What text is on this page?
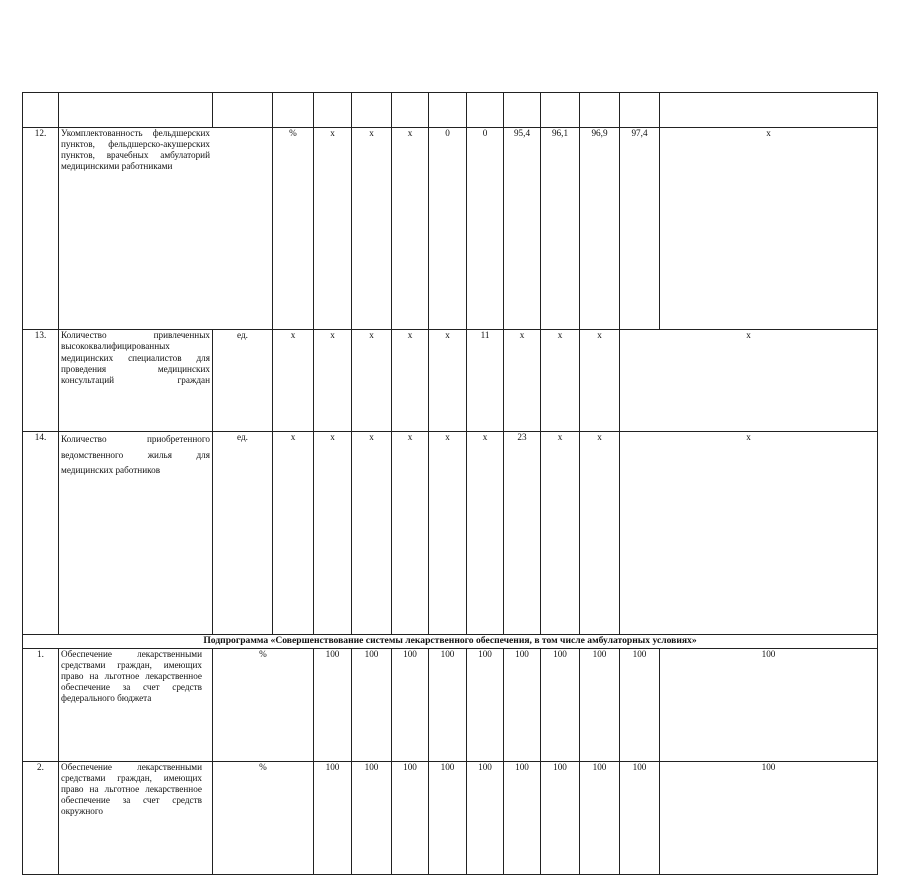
12.	Укомплектованность фельдшерских пунктов, фельдшерско-акушерских пунктов, врачебных амбулаторий медицинскими работниками		%	х	х	х	0	0	95,4	96,1	96,9	97,4	х	
13.	Количество привлеченных высококвалифицированных медицинских специалистов для проведения медицинских консультаций граждан	ед.	х	х	х	х	х	11	х	х	х	х	
14.	Количество приобретенного ведомственного жилья для медицинских работников	ед.	х	х	х	х	х	х	23	х	х	х	
Подпрограмма «Совершенствование системы лекарственного обеспечения, в том числе амбулаторных условиях»														
1.	Обеспечение лекарственными средствами граждан, имеющих право на льготное лекарственное обеспечение за счет средств федерального бюджета	%		100	100	100	100	100	100	100	100	100	100	
2.	Обеспечение лекарственными средствами граждан, имеющих право на льготное лекарственное обеспечение за счет средств окружного	%		100	100	100	100	100	100	100	100	100	100	
